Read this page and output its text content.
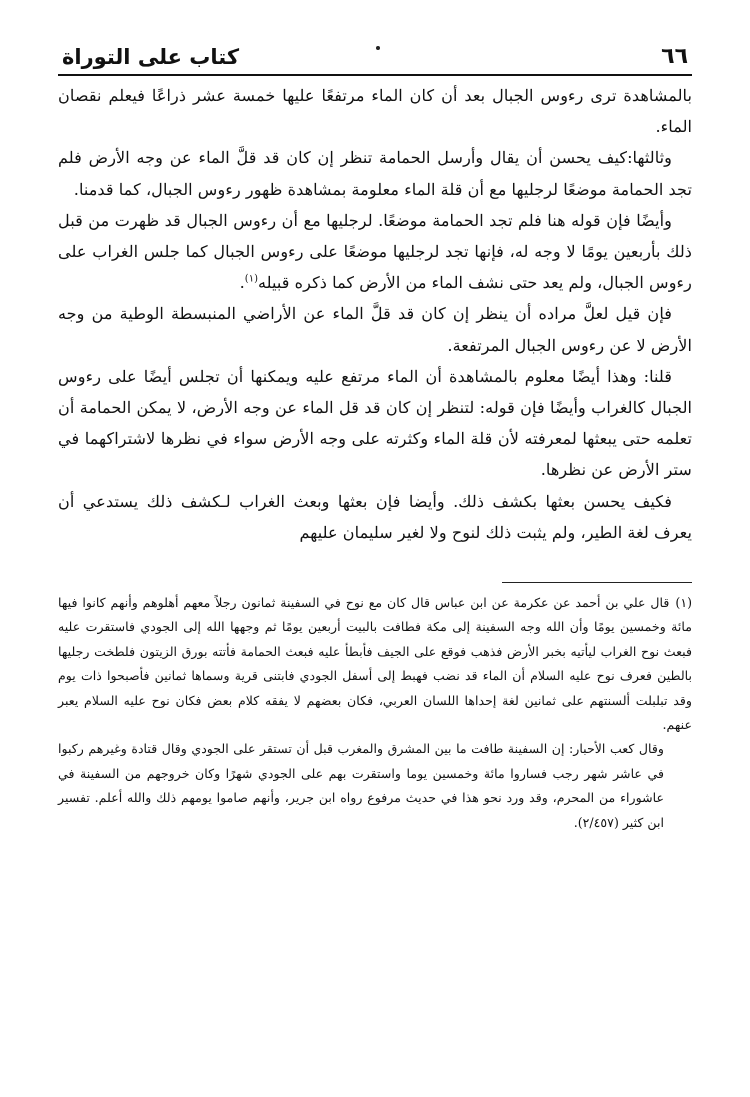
٦٦
كتاب على التوراة

بالمشاهدة ترى رءوس الجبال بعد أن كان الماء مرتفعًا عليها خمسة عشر ذراعًا فيعلم نقصان الماء.

وثالثها:كيف يحسن أن يقال وأرسل الحمامة تنظر إن كان قد قلَّ الماء عن وجه الأرض فلم تجد الحمامة موضعًا لرجليها مع أن قلة الماء معلومة بمشاهدة ظهور رءوس الجبال، كما قدمنا.

وأيضًا فإن قوله هنا فلم تجد الحمامة موضعًا. لرجليها مع أن رءوس الجبال قد ظهرت من قبل ذلك بأربعين يومًا لا وجه له، فإنها تجد لرجليها موضعًا على رءوس الجبال كما جلس الغراب على رءوس الجبال، ولم يعد حتى نشف الماء من الأرض كما ذكره قبيله$^{(١)}$.

فإن قيل لعلَّ مراده أن ينظر إن كان قد قلَّ الماء عن الأراضي المنبسطة الوطية من وجه الأرض لا عن رءوس الجبال المرتفعة.

قلنا: وهذا أيضًا معلوم بالمشاهدة أن الماء مرتفع عليه ويمكنها أن تجلس أيضًا على رءوس الجبال كالغراب وأيضًا فإن قوله: لتنظر إن كان قد قل الماء عن وجه الأرض، لا يمكن الحمامة أن تعلمه حتى يبعثها لمعرفته لأن قلة الماء وكثرته على وجه الأرض سواء في نظرها لاشتراكهما في ستر الأرض عن نظرها.

فكيف يحسن بعثها بكشف ذلك. وأيضا فإن بعثها وبعث الغراب لـكشف ذلك يستدعي أن يعرف لغة الطير، ولم يثبت ذلك لنوح ولا لغير سليمان عليهم

(١)قال علي بن أحمد عن عكرمة عن ابن عباس قال كان مع نوح في السفينة ثمانون رجلاً معهم أهلوهم وأنهم كانوا فيها مائة وخمسين يومًا وأن الله وجه السفينة إلى مكة فطافت بالبيت أربعين يومًا ثم وجهها الله إلى الجودي فاستقرت عليه فبعث نوح الغراب ليأتيه بخبر الأرض فذهب فوقع على الجيف فأبطأ عليه فبعث الحمامة فأتته بورق الزيتون فلطخت رجليها بالطين فعرف نوح عليه السلام أن الماء قد نضب فهبط إلى أسفل الجودي فابتنى قرية وسماها ثمانين فأصبحوا ذات يوم وقد تبلبلت ألسنتهم على ثمانين لغة إحداها اللسان العربي، فكان بعضهم لا يفقه كلام بعض فكان نوح عليه السلام يعبر عنهم.

وقال كعب الأحبار: إن السفينة طافت ما بين المشرق والمغرب قبل أن تستقر على الجودي وقال قتادة وغيرهم ركبوا في عاشر شهر رجب فساروا مائة وخمسين يوما واستقرت بهم على الجودي شهرًا وكان خروجهم من السفينة في عاشوراء من المحرم، وقد ورد نحو هذا في حديث مرفوع رواه ابن جرير، وأنهم صاموا يومهم ذلك والله أعلم. تفسير ابن كثير (٢/٤٥٧).
